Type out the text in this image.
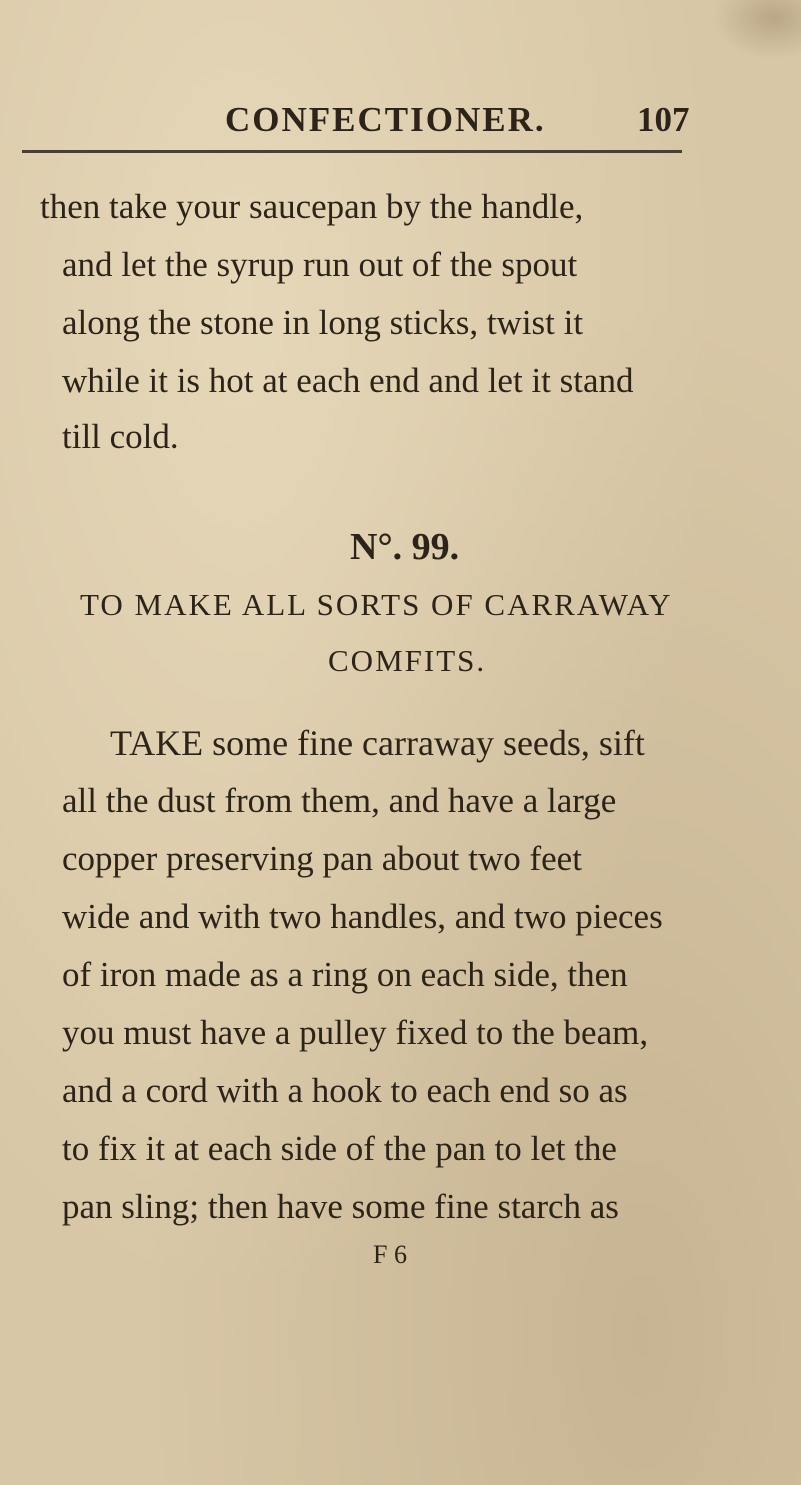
CONFECTIONER.	107
then take your saucepan by the handle,
and let the syrup run out of the spout
along the stone in long sticks, twist it
while it is hot at each end and let it stand
till cold.
N°. 99.
TO MAKE ALL SORTS OF CARRAWAY
COMFITS.
TAKE some fine carraway seeds, sift
all the dust from them, and have a large
copper preserving pan about two feet
wide and with two handles, and two pieces
of iron made as a ring on each side, then
you must have a pulley fixed to the beam,
and a cord with a hook to each end so as
to fix it at each side of the pan to let the
pan sling; then have some fine starch as
F 6
